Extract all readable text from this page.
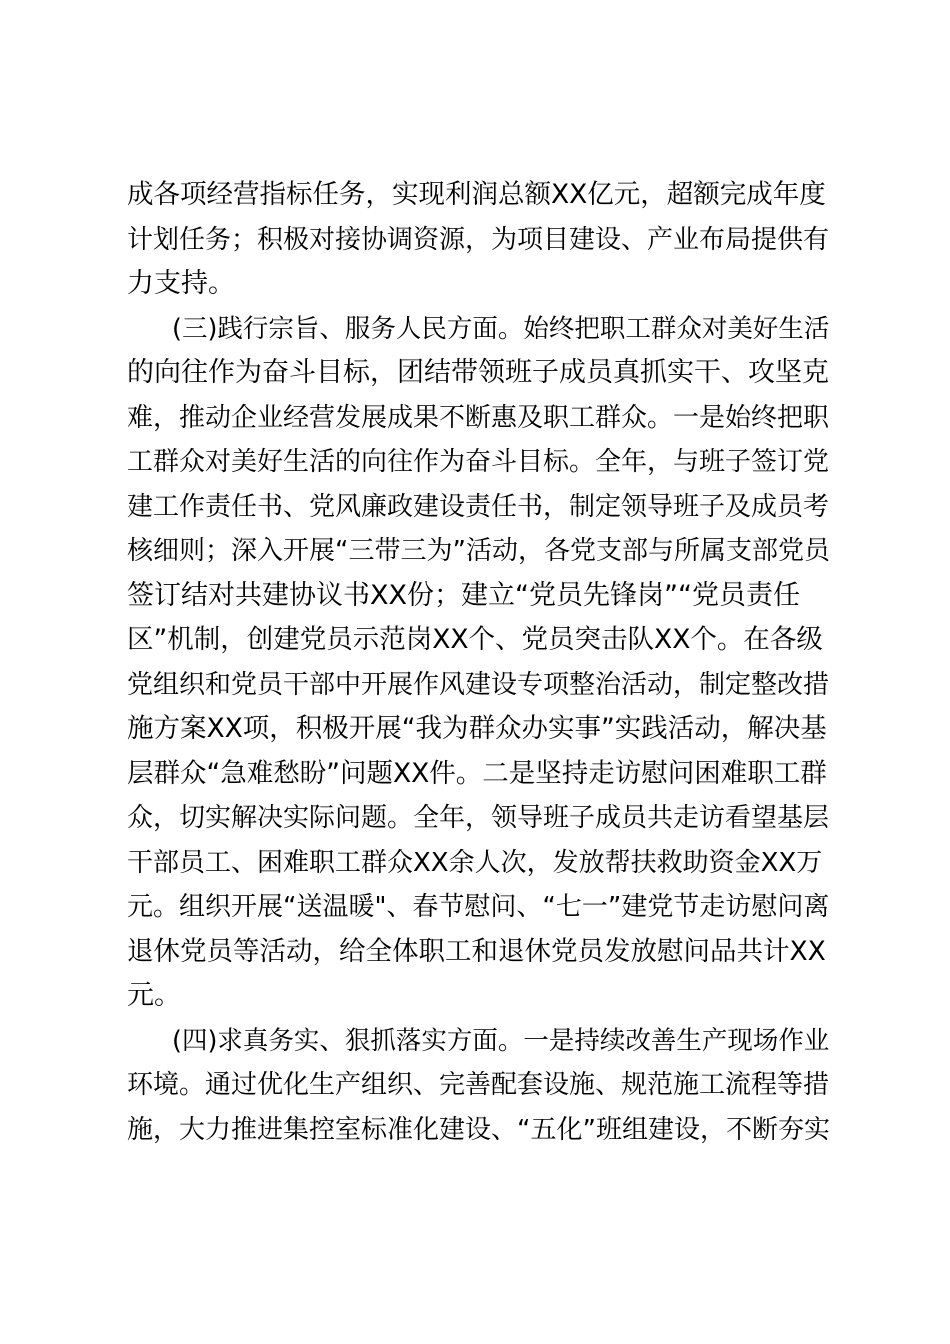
成各项经营指标任务，实现利润总额XX亿元，超额完成年度
计划任务；积极对接协调资源，为项目建设、产业布局提供有
力支持。
(三)践行宗旨、服务人民方面。始终把职工群众对美好生活
的向往作为奋斗目标，团结带领班子成员真抓实干、攻坚克
难，推动企业经营发展成果不断惠及职工群众。一是始终把职
工群众对美好生活的向往作为奋斗目标。全年，与班子签订党
建工作责任书、党风廉政建设责任书，制定领导班子及成员考
核细则；深入开展“三带三为”活动，各党支部与所属支部党员
签订结对共建协议书XX份；建立“党员先锋岗”“党员责任
区”机制，创建党员示范岗XX个、党员突击队XX个。在各级
党组织和党员干部中开展作风建设专项整治活动，制定整改措
施方案XX项，积极开展“我为群众办实事”实践活动，解决基
层群众“急难愁盼”问题XX件。二是坚持走访慰问困难职工群
众，切实解决实际问题。全年，领导班子成员共走访看望基层
干部员工、困难职工群众XX余人次，发放帮扶救助资金XX万
元。组织开展“送温暖"、春节慰问、“七一”建党节走访慰问离
退休党员等活动，给全体职工和退休党员发放慰问品共计XX
元。
(四)求真务实、狠抓落实方面。一是持续改善生产现场作业
环境。通过优化生产组织、完善配套设施、规范施工流程等措
施，大力推进集控室标准化建设、“五化”班组建设，不断夯实
